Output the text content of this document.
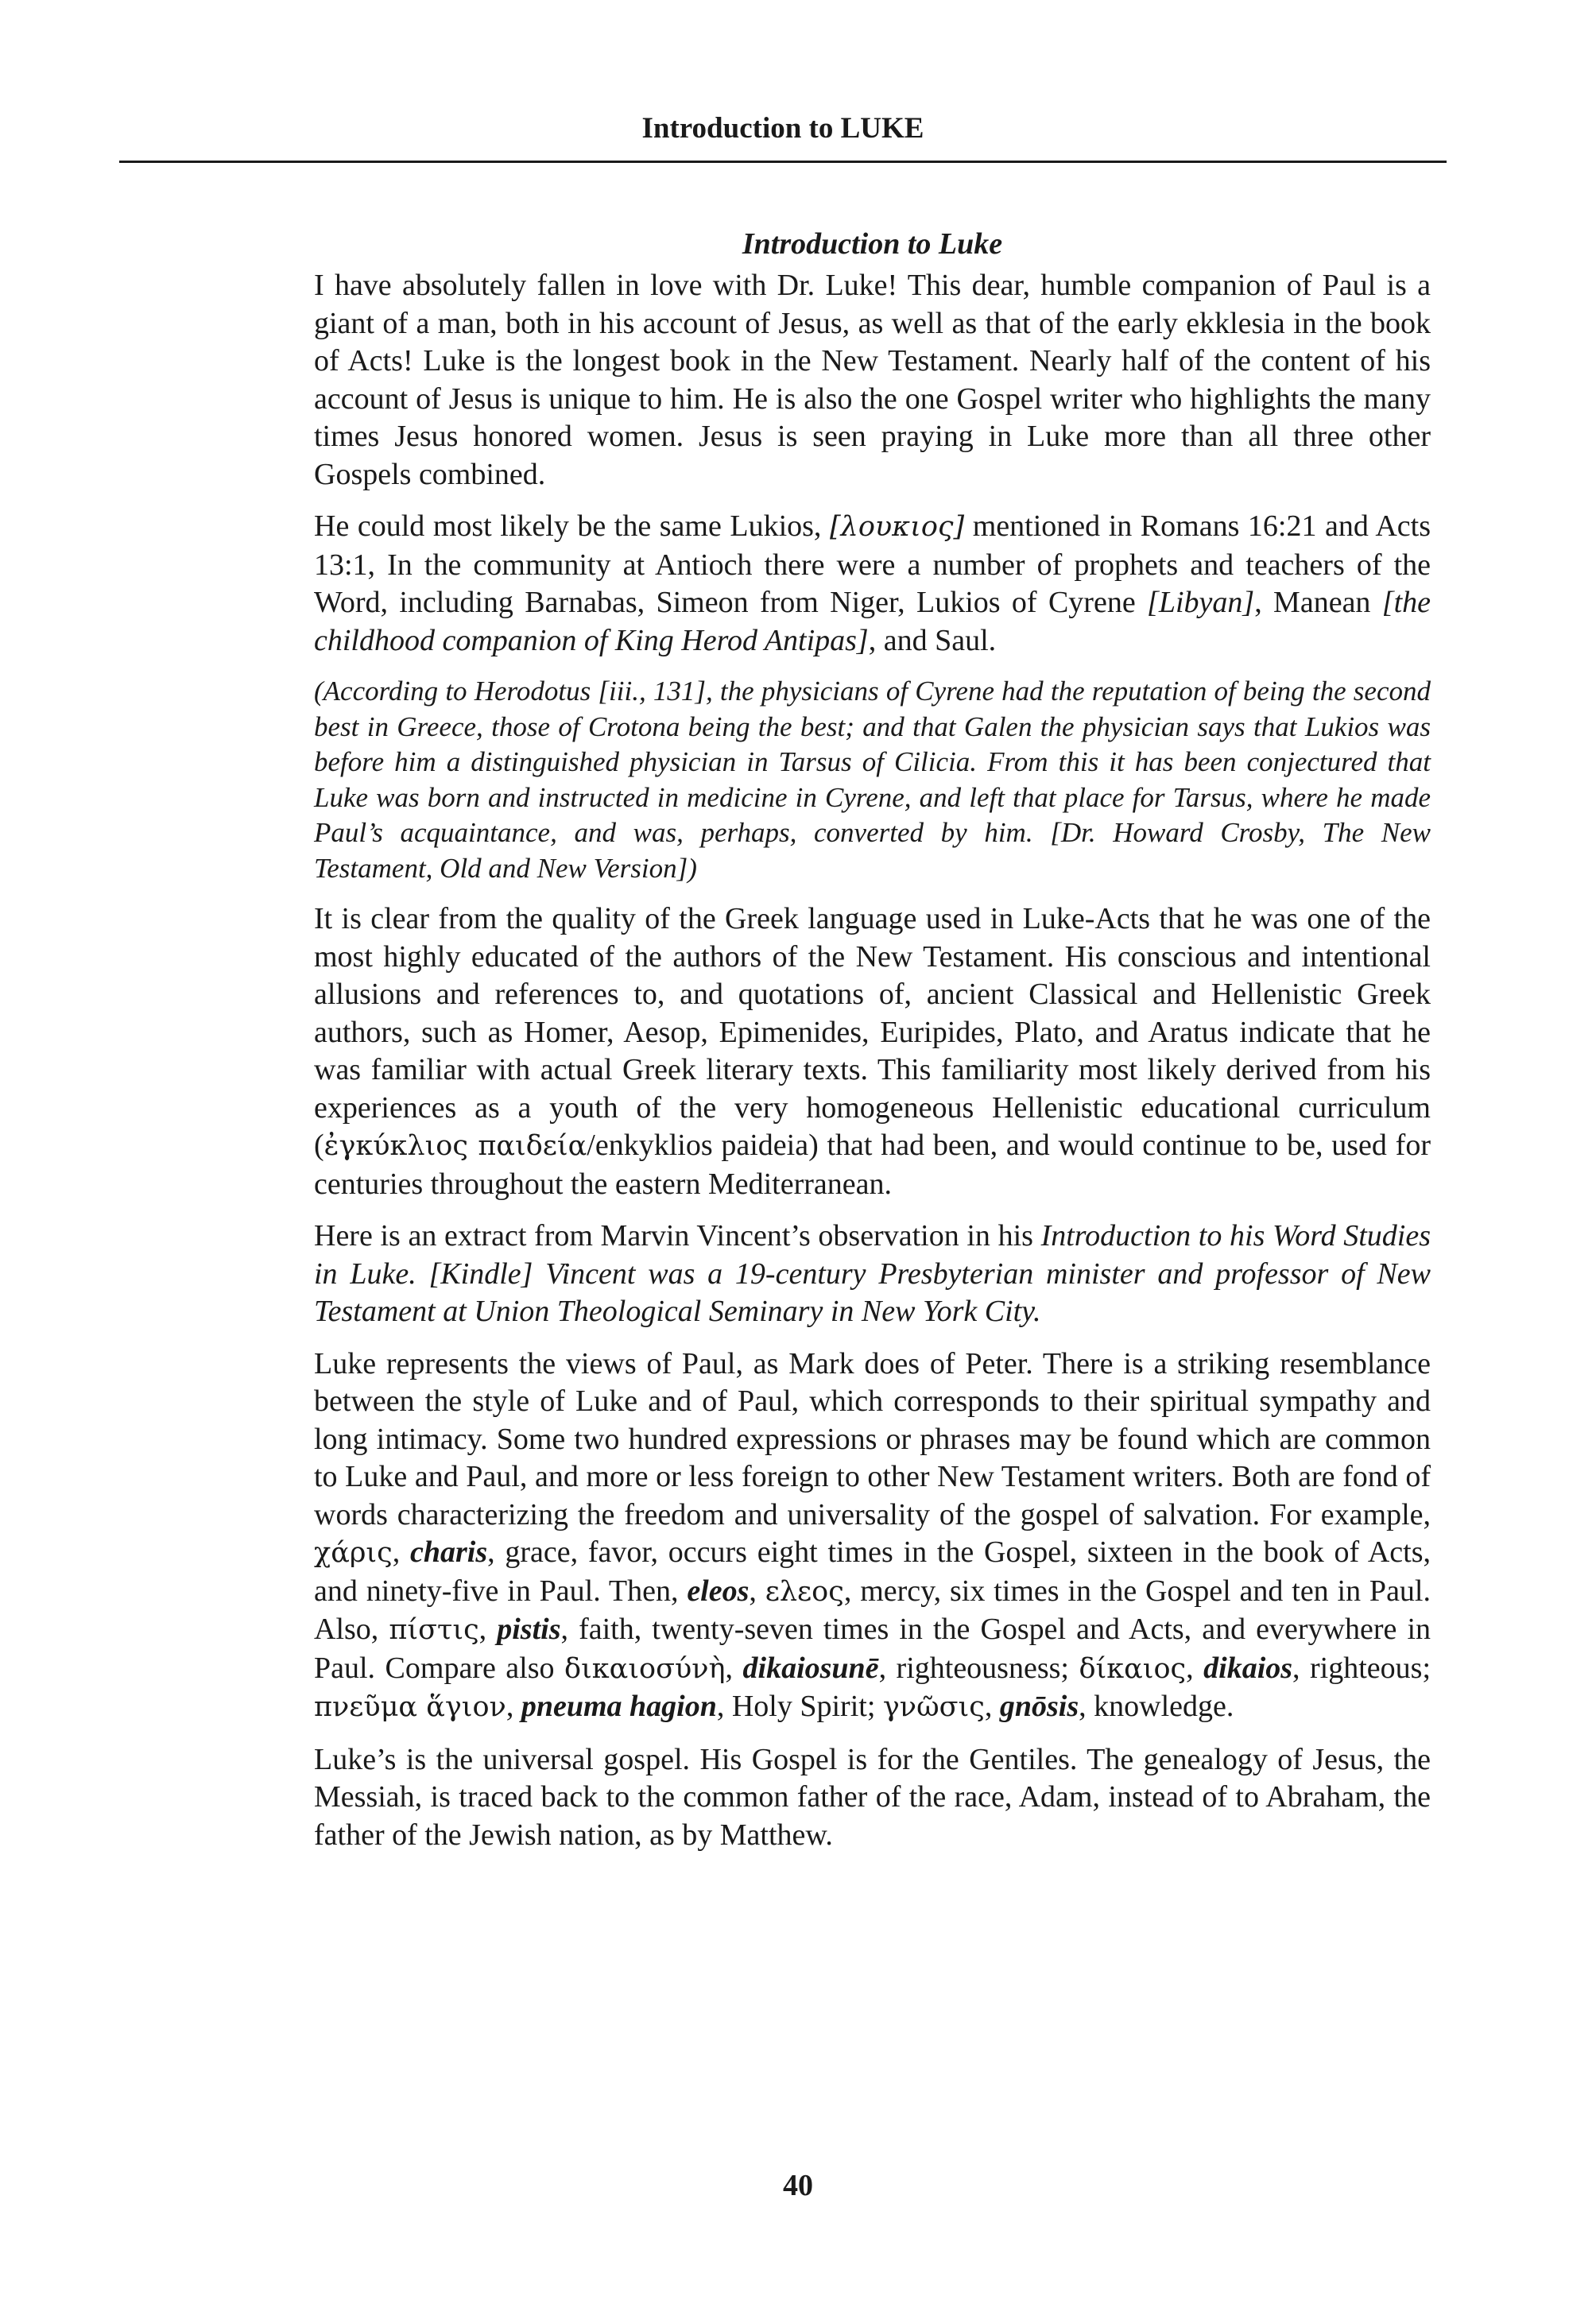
Introduction to LUKE
Introduction to Luke

I have absolutely fallen in love with Dr. Luke! This dear, humble companion of Paul is a giant of a man, both in his account of Jesus, as well as that of the early ekklesia in the book of Acts! Luke is the longest book in the New Testament. Nearly half of the content of his account of Jesus is unique to him. He is also the one Gospel writer who highlights the many times Jesus honored women. Jesus is seen praying in Luke more than all three other Gospels combined.

He could most likely be the same Lukios, [λουκιος] mentioned in Romans 16:21 and Acts 13:1, In the community at Antioch there were a number of prophets and teachers of the Word, including Barnabas, Simeon from Niger, Lukios of Cyrene [Libyan], Manean [the childhood companion of King Herod Antipas], and Saul.

(According to Herodotus [iii., 131], the physicians of Cyrene had the reputation of being the second best in Greece, those of Crotona being the best; and that Galen the physician says that Lukios was before him a distinguished physician in Tarsus of Cilicia. From this it has been conjectured that Luke was born and instructed in medicine in Cyrene, and left that place for Tarsus, where he made Paul’s acquaintance, and was, perhaps, converted by him. [Dr. Howard Crosby, The New Testament, Old and New Version])

It is clear from the quality of the Greek language used in Luke-Acts that he was one of the most highly educated of the authors of the New Testament. His conscious and intentional allusions and references to, and quotations of, ancient Classical and Hellenistic Greek authors, such as Homer, Aesop, Epimenides, Euripides, Plato, and Aratus indicate that he was familiar with actual Greek literary texts. This familiarity most likely derived from his experiences as a youth of the very homogeneous Hellenistic educational curriculum (ἐγκύκλιος παιδεία/enkyklios paideia) that had been, and would continue to be, used for centuries throughout the eastern Mediterranean.

Here is an extract from Marvin Vincent’s observation in his Introduction to his Word Studies in Luke. [Kindle] Vincent was a 19-century Presbyterian minister and professor of New Testament at Union Theological Seminary in New York City.

Luke represents the views of Paul, as Mark does of Peter. There is a striking resemblance between the style of Luke and of Paul, which corresponds to their spiritual sympathy and long intimacy. Some two hundred expressions or phrases may be found which are common to Luke and Paul, and more or less foreign to other New Testament writers. Both are fond of words characterizing the freedom and universality of the gospel of salvation. For example, χάρις, charis, grace, favor, occurs eight times in the Gospel, sixteen in the book of Acts, and ninety-five in Paul. Then, eleos, ελεος, mercy, six times in the Gospel and ten in Paul. Also, πίστις, pistis, faith, twenty-seven times in the Gospel and Acts, and everywhere in Paul. Compare also δικαιοσύνὴ, dikaiosunē, righteousness; δίκαιος, dikaios, righteous; πνεῦμα ἅγιον, pneuma hagion, Holy Spirit; γνῶσις, gnōsis, knowledge.

Luke’s is the universal gospel. His Gospel is for the Gentiles. The genealogy of Jesus, the Messiah, is traced back to the common father of the race, Adam, instead of to Abraham, the father of the Jewish nation, as by Matthew.

40
